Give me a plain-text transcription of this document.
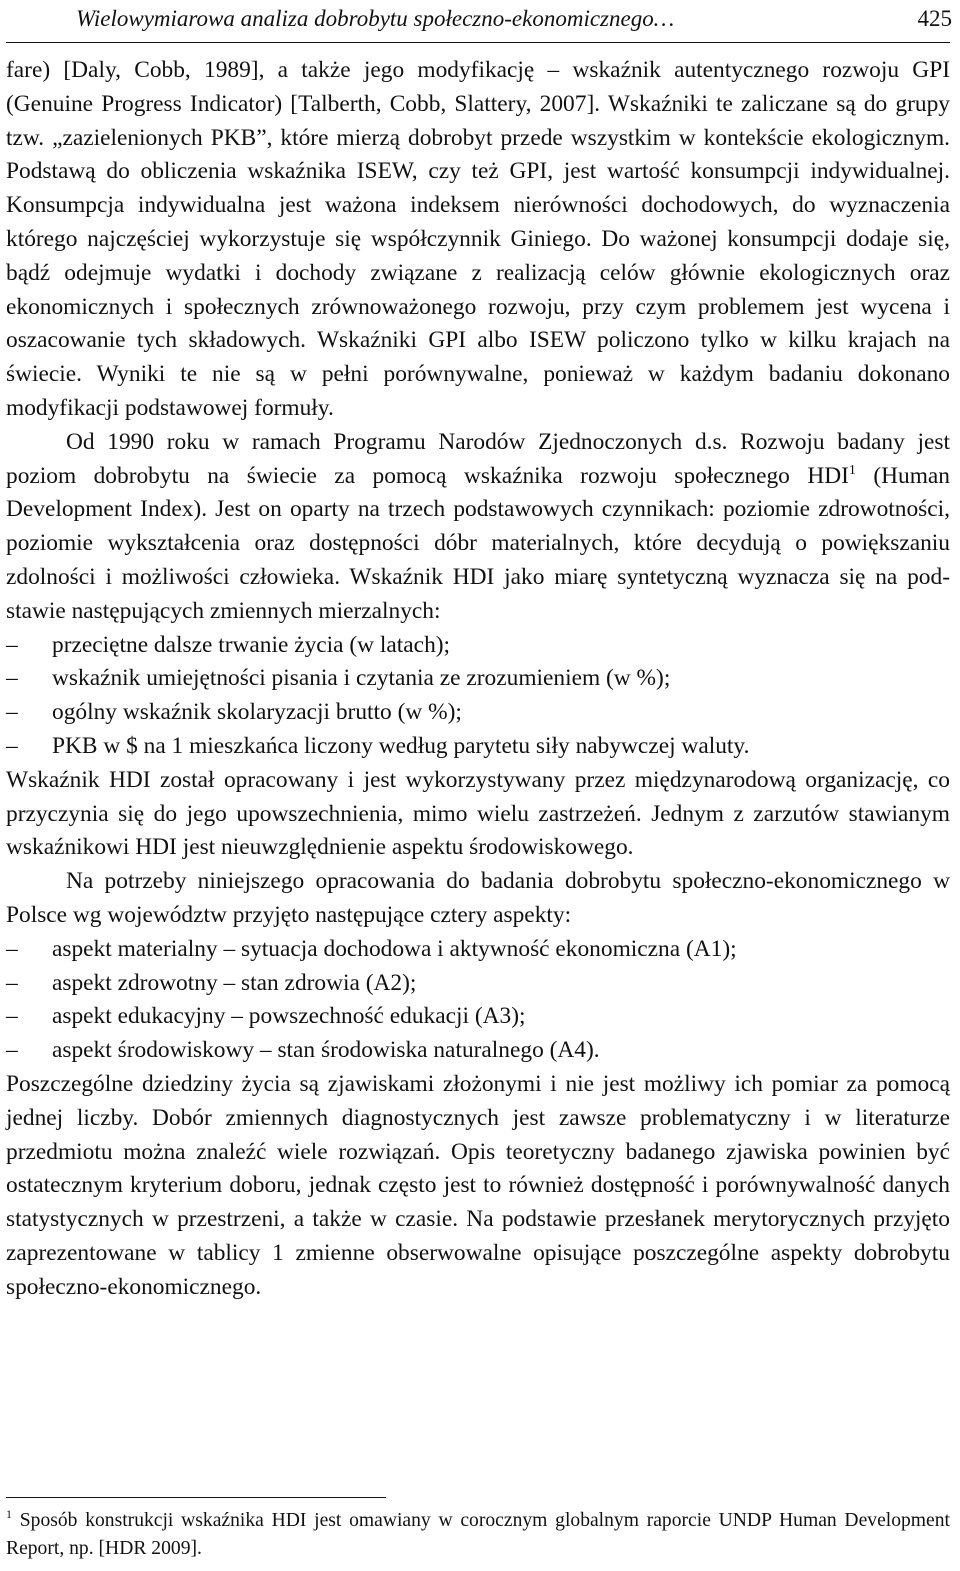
Wielowymiarowa analiza dobrobytu społeczno-ekonomicznego…	425

fare) [Daly, Cobb, 1989], a także jego modyfikację – wskaźnik autentycznego rozwoju GPI (Genuine Progress Indicator) [Talberth, Cobb, Slattery, 2007]. Wskaźniki te zaliczane są do grupy tzw. „zazielenionych PKB”, które mierzą dobrobyt przede wszystkim w kontekście ekologicznym. Podstawą do obliczenia wskaźnika ISEW, czy też GPI, jest wartość konsumpcji indywidualnej. Konsumpcja indywidualna jest ważona indeksem nierówności dochodowych, do wyznaczenia którego najczęściej wykorzystuje się współczynnik Giniego. Do ważonej konsumpcji dodaje się, bądź odejmuje wydatki i dochody związane z realizacją celów głównie ekologicznych oraz ekonomicznych i społecznych zrównoważonego rozwoju, przy czym problemem jest wycena i oszacowanie tych składowych. Wskaźniki GPI albo ISEW policzono tylko w kilku krajach na świecie. Wyniki te nie są w pełni porównywalne, ponieważ w każdym badaniu dokonano modyfikacji podstawowej formuły.

Od 1990 roku w ramach Programu Narodów Zjednoczonych d.s. Rozwoju badany jest poziom dobrobytu na świecie za pomocą wskaźnika rozwoju społecznego HDI$^1$ (Human Development Index). Jest on oparty na trzech podstawowych czynnikach: poziomie zdrowotności, poziomie wykształcenia oraz dostępności dóbr materialnych, które decydują o powiększaniu zdolności i możliwości człowieka. Wskaźnik HDI jako miarę syntetyczną wyznacza się na podstawie następujących zmiennych mierzalnych:

– przeciętne dalsze trwanie życia (w latach);
– wskaźnik umiejętności pisania i czytania ze zrozumieniem (w %);
– ogólny wskaźnik skolaryzacji brutto (w %);
– PKB w $ na 1 mieszkańca liczony według parytetu siły nabywczej waluty.

Wskaźnik HDI został opracowany i jest wykorzystywany przez międzynarodową organizację, co przyczynia się do jego upowszechnienia, mimo wielu zastrzeżeń. Jednym z zarzutów stawianym wskaźnikowi HDI jest nieuwzględnienie aspektu środowiskowego.

Na potrzeby niniejszego opracowania do badania dobrobytu społeczno-ekonomicznego w Polsce wg województw przyjęto następujące cztery aspekty:

– aspekt materialny – sytuacja dochodowa i aktywność ekonomiczna (A1);
– aspekt zdrowotny – stan zdrowia (A2);
– aspekt edukacyjny – powszechność edukacji (A3);
– aspekt środowiskowy – stan środowiska naturalnego (A4).

Poszczególne dziedziny życia są zjawiskami złożonymi i nie jest możliwy ich pomiar za pomocą jednej liczby. Dobór zmiennych diagnostycznych jest zawsze problematyczny i w literaturze przedmiotu można znaleźć wiele rozwiązań. Opis teoretyczny badanego zjawiska powinien być ostatecznym kryterium doboru, jednak często jest to również dostępność i porównywalność danych statystycznych w przestrzeni, a także w czasie. Na podstawie przesłanek merytorycznych przyjęto zaprezentowane w tablicy 1 zmienne obserwowalne opisujące poszczególne aspekty dobrobytu społeczno-ekonomicznego.

$^1$ Sposób konstrukcji wskaźnika HDI jest omawiany w corocznym globalnym raporcie UNDP Human Development Report, np. [HDR 2009].
